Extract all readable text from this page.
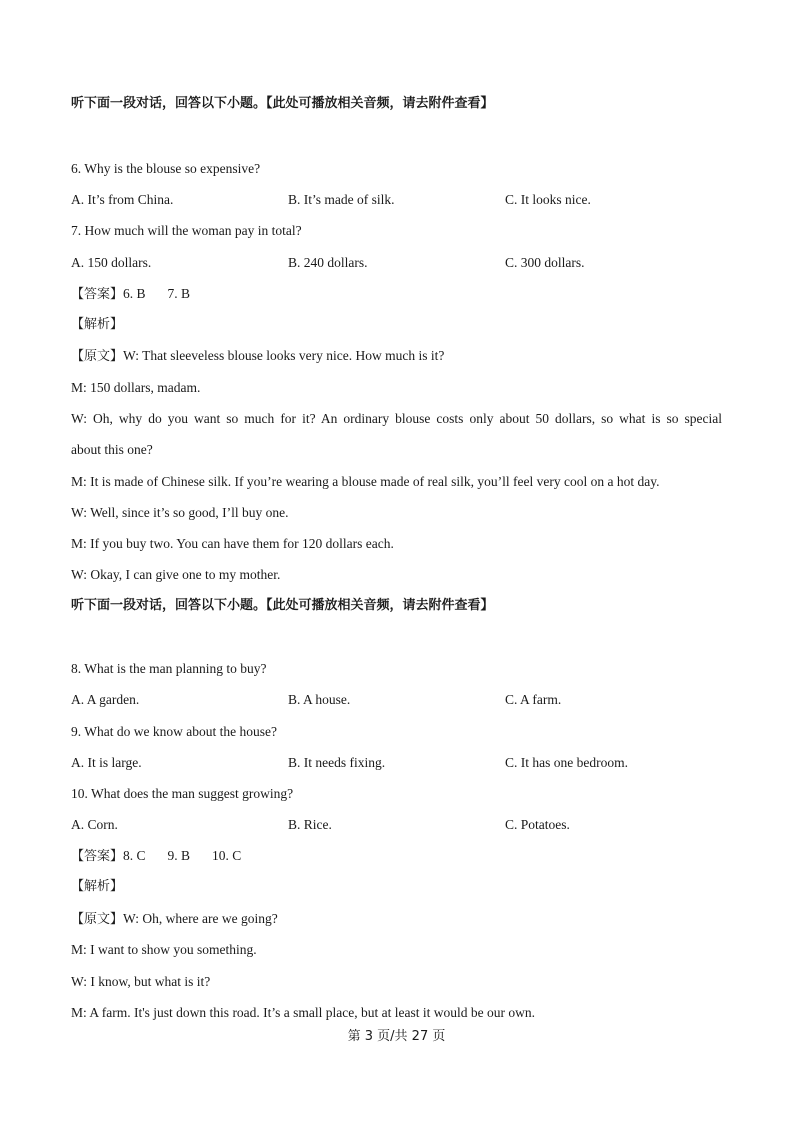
听下面一段对话，回答以下小题。【此处可播放相关音频，请去附件查看】
6. Why is the blouse so expensive?
A. It’s from China.	B. It’s made of silk.	C. It looks nice.
7. How much will the woman pay in total?
A. 150 dollars.	B. 240 dollars.	C. 300 dollars.
【答案】6. B 7. B
【解析】
【原文】W: That sleeveless blouse looks very nice. How much is it?
M: 150 dollars, madam.
W: Oh, why do you want so much for it? An ordinary blouse costs only about 50 dollars, so what is so special
about this one?
M: It is made of Chinese silk. If you’re wearing a blouse made of real silk, you’ll feel very cool on a hot day.
W: Well, since it’s so good, I’ll buy one.
M: If you buy two. You can have them for 120 dollars each.
W: Okay, I can give one to my mother.
听下面一段对话，回答以下小题。【此处可播放相关音频，请去附件查看】
8. What is the man planning to buy?
A. A garden.	B. A house.	C. A farm.
9. What do we know about the house?
A. It is large.	B. It needs fixing.	C. It has one bedroom.
10. What does the man suggest growing?
A. Corn.	B. Rice.	C. Potatoes.
【答案】8. C 9. B 10. C
【解析】
【原文】W: Oh, where are we going?
M: I want to show you something.
W: I know, but what is it?
M: A farm. It's just down this road. It’s a small place, but at least it would be our own.
第 3 页/共 27 页
